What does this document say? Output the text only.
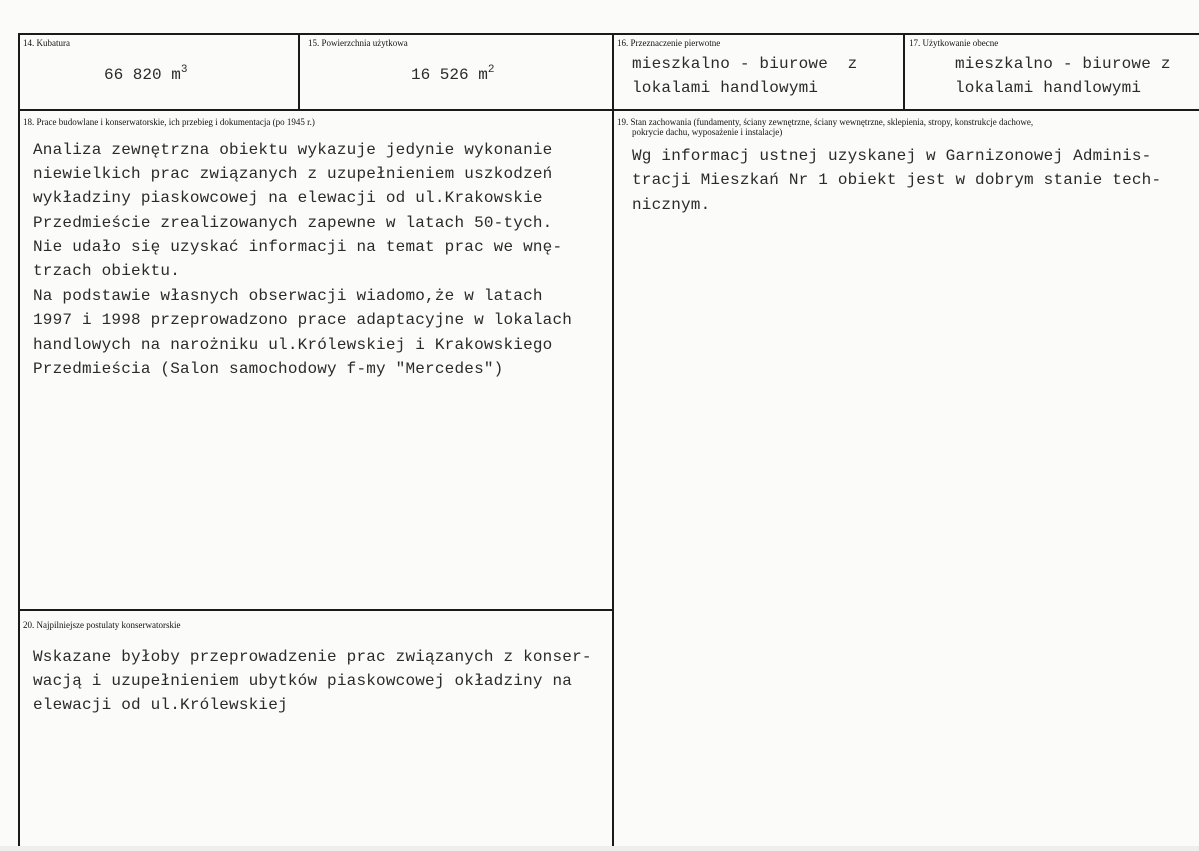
14. Kubatura
66 820 $m^3$
15. Powierzchnia użytkowa
16 526 $m^2$
16. Przeznaczenie pierwotne
mieszkalno - biurowe  z
lokalami handlowymi
17. Użytkowanie obecne
mieszkalno - biurowe z
lokalami handlowymi
18. Prace budowlane i konserwatorskie, ich przebieg i dokumentacja (po 1945 r.)
Analiza zewnętrzna obiektu wykazuje jedynie wykonanie
niewielkich prac związanych z uzupełnieniem uszkodzeń
wykładziny piaskowcowej na elewacji od ul.Krakowskie
Przedmieście zrealizowanych zapewne w latach 50-tych.
Nie udało się uzyskać informacji na temat prac we wnę-
trzach obiektu.
Na podstawie własnych obserwacji wiadomo,że w latach
1997 i 1998 przeprowadzono prace adaptacyjne w lokalach
handlowych na narożniku ul.Królewskiej i Krakowskiego
Przedmieścia (Salon samochodowy f-my "Mercedes")
19. Stan zachowania (fundamenty, ściany zewnętrzne, ściany wewnętrzne, sklepienia, stropy, konstrukcje dachowe,
pokrycie dachu, wyposażenie i instalacje)
Wg informacj ustnej uzyskanej w Garnizonowej Adminis-
tracji Mieszkań Nr 1 obiekt jest w dobrym stanie tech-
nicznym.
20. Najpilniejsze postulaty konserwatorskie
Wskazane byłoby przeprowadzenie prac związanych z konser-
wacją i uzupełnieniem ubytków piaskowcowej okładziny na
elewacji od ul.Królewskiej
